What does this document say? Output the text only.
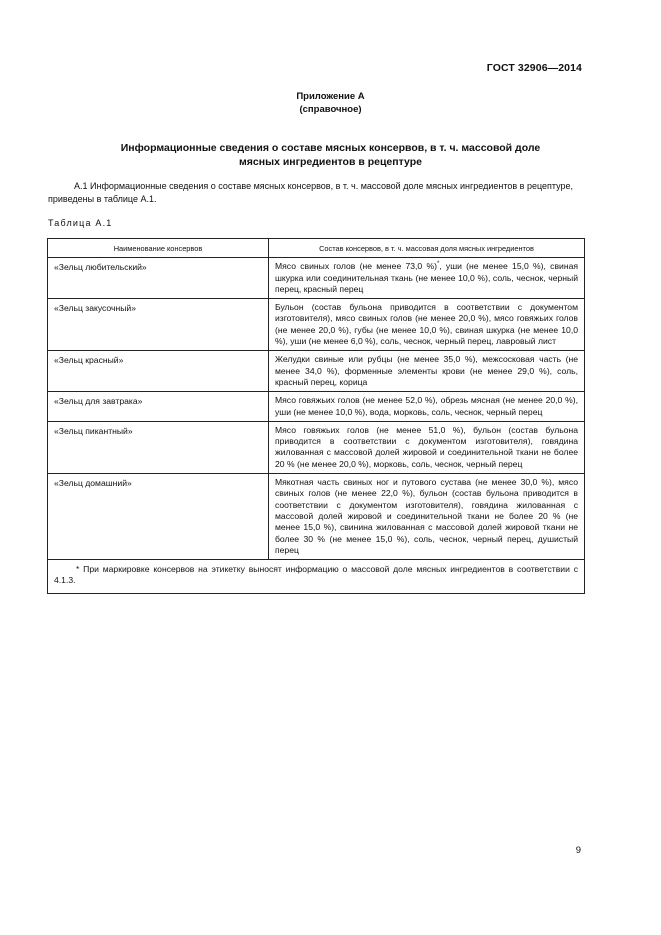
ГОСТ 32906—2014
Приложение А
(справочное)
Информационные сведения о составе мясных консервов, в т. ч. массовой доле
мясных ингредиентов в рецептуре
А.1 Информационные сведения о составе мясных консервов, в т. ч. массовой доле мясных ингредиентов в рецептуре, приведены в таблице А.1.
Таблица А.1
Наименование консервов	Состав консервов, в т. ч. массовая доля мясных ингредиентов
«Зельц любительский»	Мясо свиных голов (не менее 73,0 %)*, уши (не менее 15,0 %), свиная шкурка или соединительная ткань (не менее 10,0 %), соль, чеснок, черный перец, красный перец
«Зельц закусочный»	Бульон (состав бульона приводится в соответствии с документом изготовителя), мясо свиных голов (не менее 20,0 %), мясо говяжьих голов (не менее 20,0 %), губы (не менее 10,0 %), свиная шкурка (не менее 10,0 %), уши (не менее 6,0 %), соль, чеснок, черный перец, лавровый лист
«Зельц красный»	Желудки свиные или рубцы (не менее 35,0 %), межсосковая часть (не менее 34,0 %), форменные элементы крови (не менее 29,0 %), соль, красный перец, корица
«Зельц для завтрака»	Мясо говяжьих голов (не менее 52,0 %), обрезь мясная (не менее 20,0 %), уши (не менее 10,0 %), вода, морковь, соль, чеснок, черный перец
«Зельц пикантный»	Мясо говяжьих голов (не менее 51,0 %), бульон (состав бульона приводится в соответствии с документом изготовителя), говядина жилованная с массовой долей жировой и соединительной ткани не более 20 % (не менее 20,0 %), морковь, соль, чеснок, черный перец
«Зельц домашний»	Мякотная часть свиных ног и путового сустава (не менее 30,0 %), мясо свиных голов (не менее 22,0 %), бульон (состав бульона приводится в соответствии с документом изготовителя), говядина жилованная с массовой долей жировой и соединительной ткани не более 20 % (не менее 15,0 %), свинина жилованная с массовой долей жировой ткани не более 30 % (не менее 15,0 %), соль, чеснок, черный перец, душистый перец

* При маркировке консервов на этикетку выносят информацию о массовой доле мясных ингредиентов в соответствии с 4.1.3.	
9
